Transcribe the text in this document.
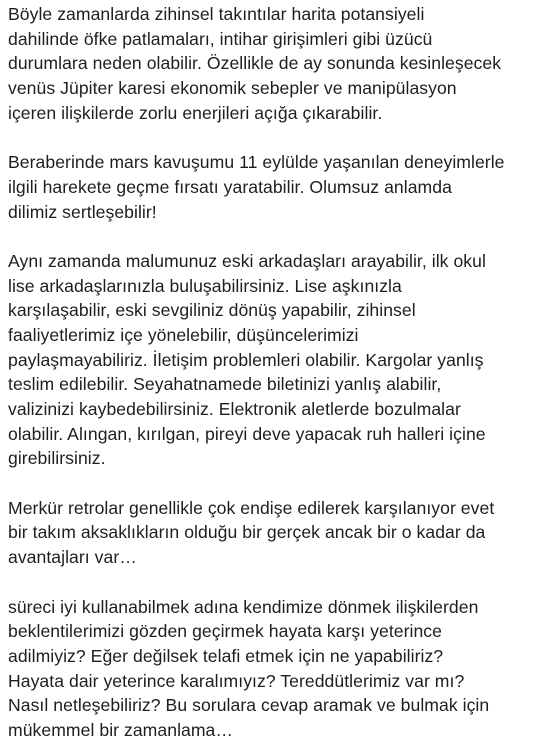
Böyle zamanlarda zihinsel takıntılar harita potansiyeli
dahilinde öfke patlamaları, intihar girişimleri gibi üzücü
durumlara neden olabilir. Özellikle de ay sonunda kesinleşecek
venüs Jüpiter karesi ekonomik sebepler ve manipülasyon
içeren ilişkilerde zorlu enerjileri açığa çıkarabilir.
Beraberinde mars kavuşumu 11 eylülde yaşanılan deneyimlerle
ilgili harekete geçme fırsatı yaratabilir. Olumsuz anlamda
dilimiz sertleşebilir!
Aynı zamanda malumunuz eski arkadaşları arayabilir, ilk okul
lise arkadaşlarınızla buluşabilirsiniz. Lise aşkınızla
karşılaşabilir, eski sevgiliniz dönüş yapabilir, zihinsel
faaliyetlerimiz içe yönelebilir, düşüncelerimizi
paylaşmayabiliriz. İletişim problemleri olabilir. Kargolar yanlış
teslim edilebilir. Seyahatnamede biletinizi yanlış alabilir,
valizinizi kaybedebilirsiniz. Elektronik aletlerde bozulmalar
olabilir. Alıngan, kırılgan, pireyi deve yapacak ruh halleri içine
girebilirsiniz.
Merkür retrolar genellikle çok endişe edilerek karşılanıyor evet
bir takım aksaklıkların olduğu bir gerçek ancak bir o kadar da
avantajları var…
süreci iyi kullanabilmek adına kendimize dönmek ilişkilerden
beklentilerimizi gözden geçirmek hayata karşı yeterince
adilmiyiz? Eğer değilsek telafi etmek için ne yapabiliriz?
Hayata dair yeterince karalımıyız? Tereddütlerimiz var mı?
Nasıl netleşebiliriz? Bu sorulara cevap aramak ve bulmak için
mükemmel bir zamanlama…
